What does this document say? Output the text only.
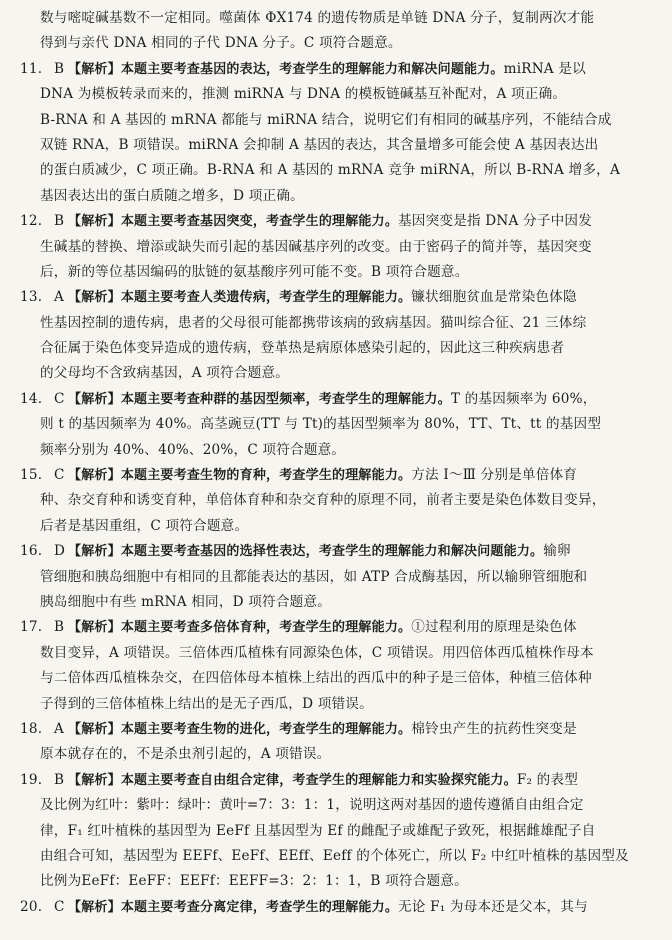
数与嘧啶碱基数不一定相同。噬菌体 ΦX174 的遗传物质是单链 DNA 分子，复制两次才能
得到与亲代 DNA 相同的子代 DNA 分子。C 项符合题意。
11. B 【解析】本题主要考查基因的表达，考查学生的理解能力和解决问题能力。miRNA 是以
DNA 为模板转录而来的，推测 miRNA 与 DNA 的模板链碱基互补配对，A 项正确。
B-RNA 和 A 基因的 mRNA 都能与 miRNA 结合，说明它们有相同的碱基序列，不能结合成
双链 RNA，B 项错误。miRNA 会抑制 A 基因的表达，其含量增多可能会使 A 基因表达出
的蛋白质减少，C 项正确。B-RNA 和 A 基因的 mRNA 竞争 miRNA，所以 B-RNA 增多，A
基因表达出的蛋白质随之增多，D 项正确。
12. B 【解析】本题主要考查基因突变，考查学生的理解能力。基因突变是指 DNA 分子中因发
生碱基的替换、增添或缺失而引起的基因碱基序列的改变。由于密码子的简并等，基因突变
后，新的等位基因编码的肽链的氨基酸序列可能不变。B 项符合题意。
13. A 【解析】本题主要考查人类遗传病，考查学生的理解能力。镰状细胞贫血是常染色体隐
性基因控制的遗传病，患者的父母很可能都携带该病的致病基因。猫叫综合征、21 三体综
合征属于染色体变异造成的遗传病，登革热是病原体感染引起的，因此这三种疾病患者
的父母均不含致病基因，A 项符合题意。
14. C 【解析】本题主要考查种群的基因型频率，考查学生的理解能力。T 的基因频率为 60%，
则 t 的基因频率为 40%。高茎豌豆(TT 与 Tt)的基因型频率为 80%，TT、Tt、tt 的基因型
频率分别为 40%、40%、20%，C 项符合题意。
15. C 【解析】本题主要考查生物的育种，考查学生的理解能力。方法 Ⅰ～Ⅲ 分别是单倍体育
种、杂交育种和诱变育种，单倍体育种和杂交育种的原理不同，前者主要是染色体数目变异，
后者是基因重组，C 项符合题意。
16. D 【解析】本题主要考查基因的选择性表达，考查学生的理解能力和解决问题能力。输卵
管细胞和胰岛细胞中有相同的且都能表达的基因，如 ATP 合成酶基因，所以输卵管细胞和
胰岛细胞中有些 mRNA 相同，D 项符合题意。
17. B 【解析】本题主要考查多倍体育种，考查学生的理解能力。①过程利用的原理是染色体
数目变异，A 项错误。三倍体西瓜植株有同源染色体，C 项错误。用四倍体西瓜植株作母本
与二倍体西瓜植株杂交，在四倍体母本植株上结出的西瓜中的种子是三倍体，种植三倍体种
子得到的三倍体植株上结出的是无子西瓜，D 项错误。
18. A 【解析】本题主要考查生物的进化，考查学生的理解能力。棉铃虫产生的抗药性突变是
原本就存在的，不是杀虫剂引起的，A 项错误。
19. B 【解析】本题主要考查自由组合定律，考查学生的理解能力和实验探究能力。F₂ 的表型
及比例为红叶：紫叶：绿叶：黄叶=7：3：1：1，说明这两对基因的遗传遵循自由组合定
律，F₁ 红叶植株的基因型为 EeFf 且基因型为 Ef 的雌配子或雄配子致死，根据雌雄配子自
由组合可知，基因型为 EEFf、EeFf、EEff、Eeff 的个体死亡，所以 F₂ 中红叶植株的基因型及
比例为EeFf：EeFF：EEFf：EEFF=3：2：1：1，B 项符合题意。
20. C 【解析】本题主要考查分离定律，考查学生的理解能力。无论 F₁ 为母本还是父本，其与
